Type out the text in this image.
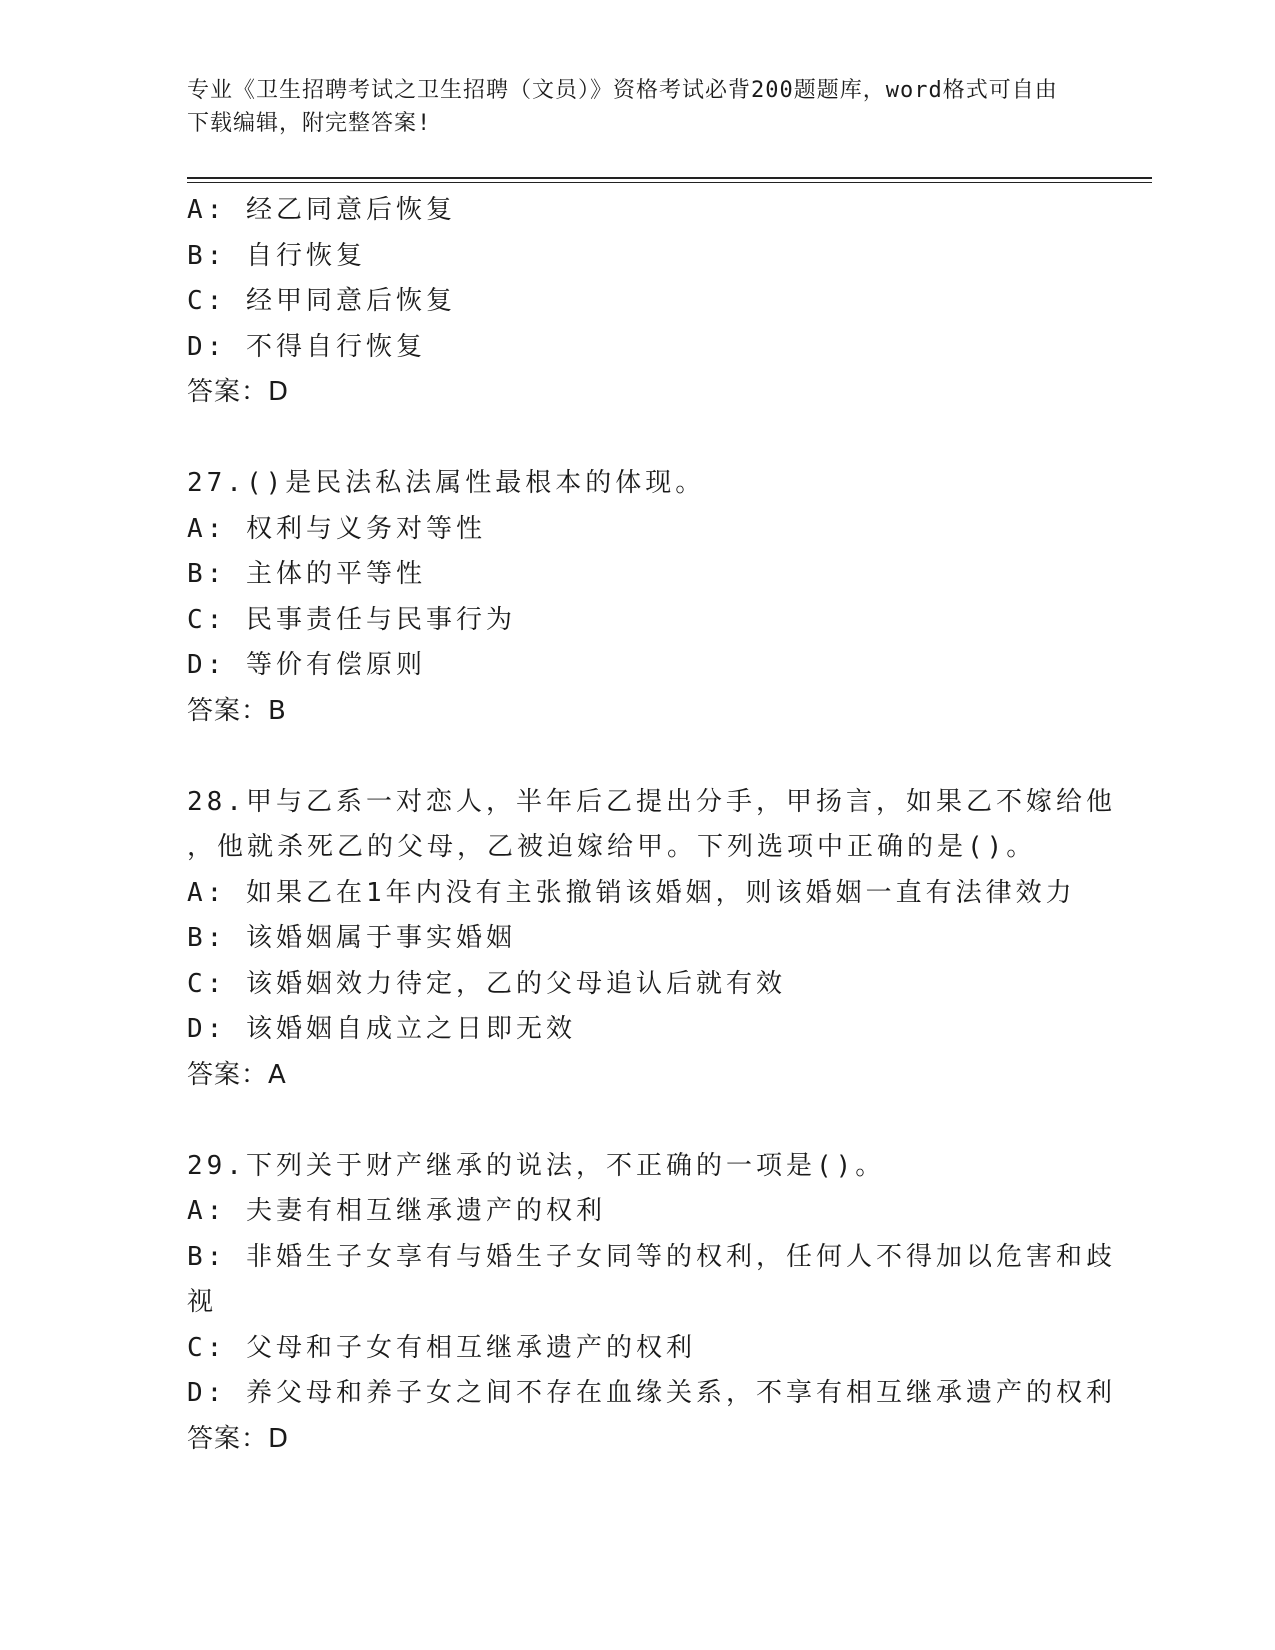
专业《卫生招聘考试之卫生招聘（文员）》资格考试必背200题题库，word格式可自由下载编辑，附完整答案!
A: 经乙同意后恢复
B: 自行恢复
C: 经甲同意后恢复
D: 不得自行恢复
答案：D
27.()是民法私法属性最根本的体现。
A: 权利与义务对等性
B: 主体的平等性
C: 民事责任与民事行为
D: 等价有偿原则
答案：B
28.甲与乙系一对恋人，半年后乙提出分手，甲扬言，如果乙不嫁给他
，他就杀死乙的父母，乙被迫嫁给甲。下列选项中正确的是()。
A: 如果乙在1年内没有主张撤销该婚姻，则该婚姻一直有法律效力
B: 该婚姻属于事实婚姻
C: 该婚姻效力待定，乙的父母追认后就有效
D: 该婚姻自成立之日即无效
答案：A
29.下列关于财产继承的说法，不正确的一项是()。
A: 夫妻有相互继承遗产的权利
B: 非婚生子女享有与婚生子女同等的权利，任何人不得加以危害和歧
视
C: 父母和子女有相互继承遗产的权利
D: 养父母和养子女之间不存在血缘关系，不享有相互继承遗产的权利
答案：D
